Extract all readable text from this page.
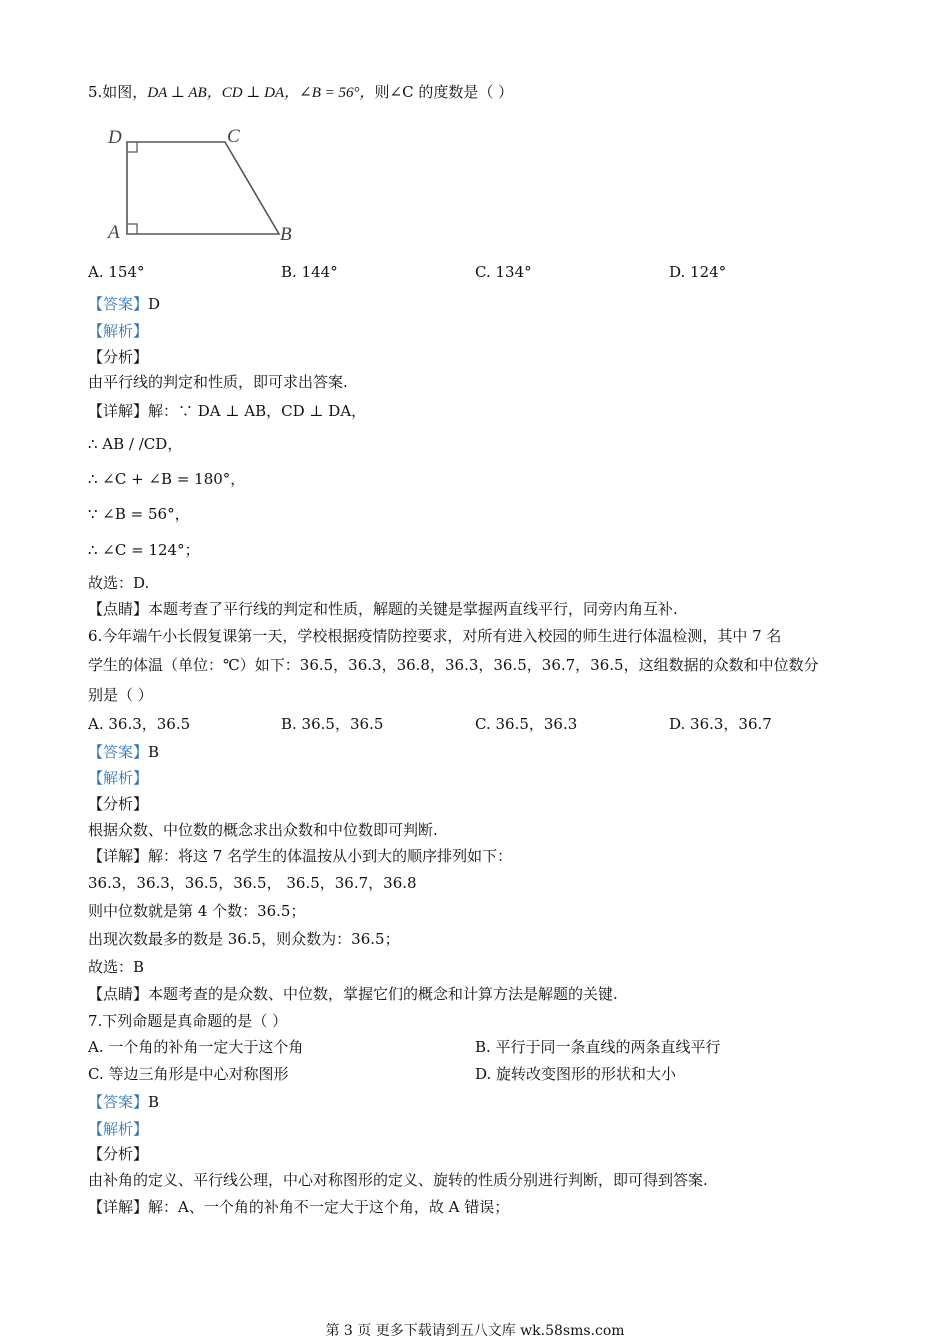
5.如图，DA ⊥ AB，CD ⊥ DA，∠B = 56°，则∠C 的度数是（ ）
D	C
A	B
A. 154°	B. 144°	C. 134°	D. 124°
【答案】D
【解析】
【分析】
由平行线的判定和性质，即可求出答案.
【详解】解：∵ DA ⊥ AB，CD ⊥ DA，
∴ AB / /CD，
∴ ∠C + ∠B = 180°，
∵ ∠B = 56°，
∴ ∠C = 124°；
故选：D.
【点睛】本题考查了平行线的判定和性质，解题的关键是掌握两直线平行，同旁内角互补.
6.今年端午小长假复课第一天，学校根据疫情防控要求，对所有进入校园的师生进行体温检测，其中 7 名
学生的体温（单位：℃）如下：36.5，36.3，36.8，36.3，36.5，36.7，36.5，这组数据的众数和中位数分
别是（ ）
A. 36.3，36.5	B. 36.5，36.5	C. 36.5，36.3	D. 36.3，36.7
【答案】B
【解析】
【分析】
根据众数、中位数的概念求出众数和中位数即可判断.
【详解】解：将这 7 名学生的体温按从小到大的顺序排列如下：
36.3，36.3，36.5，36.5， 36.5，36.7，36.8
则中位数就是第 4 个数：36.5；
出现次数最多的数是 36.5，则众数为：36.5；
故选：B
【点睛】本题考查的是众数、中位数，掌握它们的概念和计算方法是解题的关键.
7.下列命题是真命题的是（ ）
A. 一个角的补角一定大于这个角	B. 平行于同一条直线的两条直线平行
C. 等边三角形是中心对称图形	D. 旋转改变图形的形状和大小
【答案】B
【解析】
【分析】
由补角的定义、平行线公理，中心对称图形的定义、旋转的性质分别进行判断，即可得到答案.
【详解】解：A、一个角的补角不一定大于这个角，故 A 错误；
第 3 页 更多下载请到五八文库 wk.58sms.com
